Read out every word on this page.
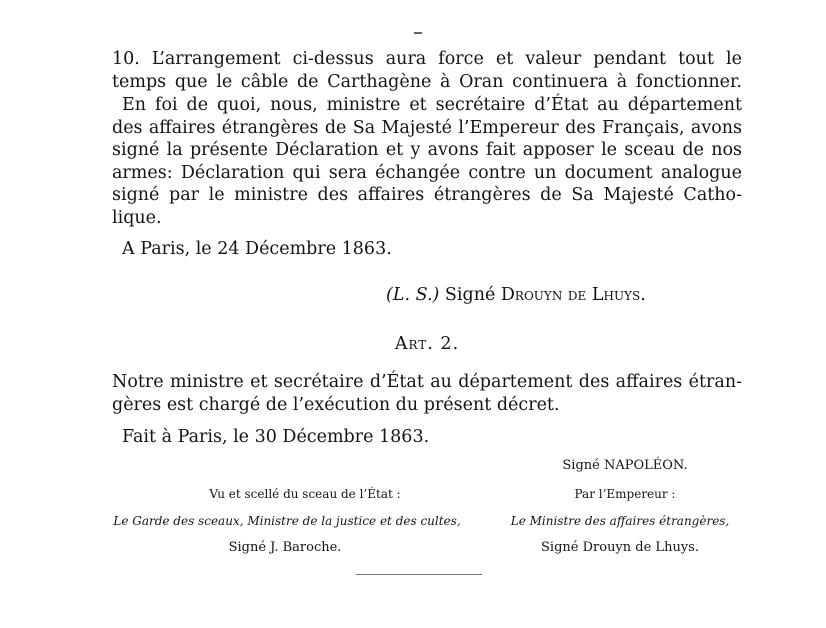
10. L’arrangement ci-dessus aura force et valeur pendant tout le
temps que le câble de Carthagène à Oran continuera à fonctionner.
En foi de quoi, nous, ministre et secrétaire d’État au département
des affaires étrangères de Sa Majesté l’Empereur des Français, avons
signé la présente Déclaration et y avons fait apposer le sceau de nos
armes: Déclaration qui sera échangée contre un document analogue
signé par le ministre des affaires étrangères de Sa Majesté Catho-
lique.
A Paris, le 24 Décembre 1863.
(L. S.) Signé Drouyn de Lhuys.
Art. 2.
Notre ministre et secrétaire d’État au département des affaires étran-
gères est chargé de l’exécution du présent décret.
Fait à Paris, le 30 Décembre 1863.
Signé NAPOLÉON.
Vu et scellé du sceau de l’État :
Le Garde des sceaux, Ministre de la justice et des cultes,
Signé J. Baroche.
Par l’Empereur :
Le Ministre des affaires étrangères,
Signé Drouyn de Lhuys.
